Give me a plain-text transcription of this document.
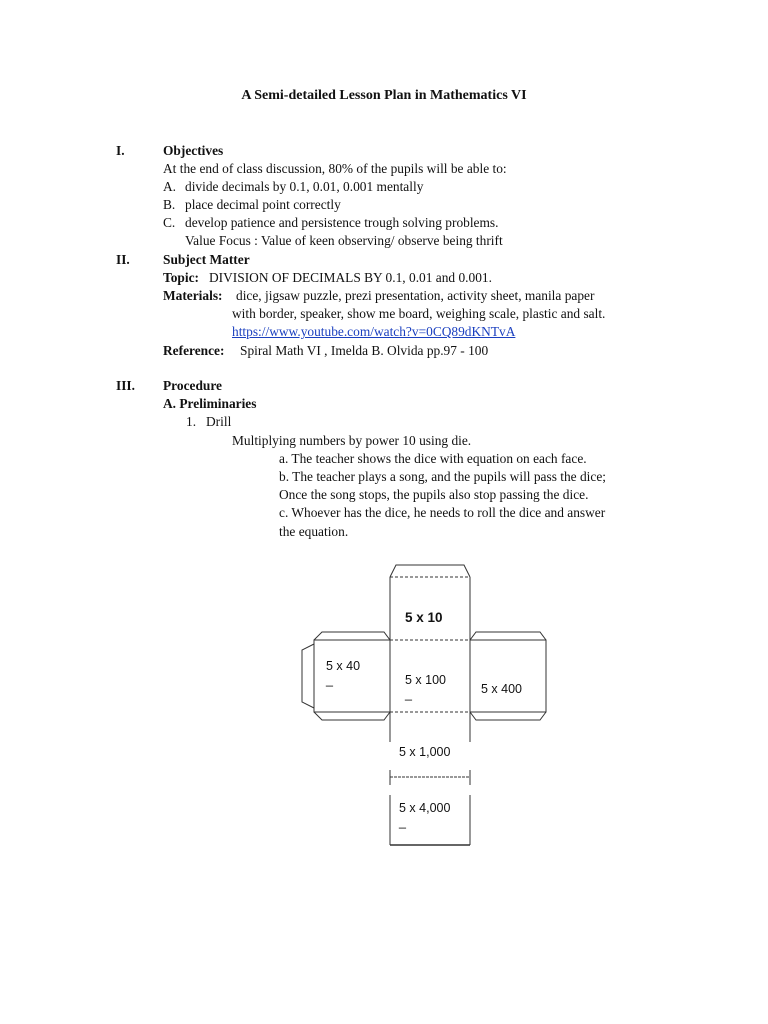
A Semi-detailed Lesson Plan in Mathematics VI
I.	Objectives
At the end of class discussion, 80% of the pupils will be able to:
A. divide decimals by 0.1, 0.01, 0.001 mentally
B. place decimal point correctly
C. develop patience and persistence trough solving problems.
Value Focus : Value of keen observing/ observe being thrift
II. Subject Matter
Topic: DIVISION OF DECIMALS BY 0.1, 0.01 and 0.001.
Materials: dice, jigsaw puzzle, prezi presentation, activity sheet, manila paper
with border, speaker, show me board, weighing scale, plastic and salt.
https://www.youtube.com/watch?v=0CQ89dKNTvA
Reference: Spiral Math VI , Imelda B. Olvida pp.97 - 100
III. Procedure
A. Preliminaries
1. Drill
Multiplying numbers by power 10 using die.
a. The teacher shows the dice with equation on each face.
b. The teacher plays a song, and the pupils will pass the dice;
Once the song stops, the pupils also stop passing the dice.
c. Whoever has the dice, he needs to roll the dice and answer
the equation.
5 x 10
5 x 40
_	5 x 100
_	5 x 400
5 x 1,000
5 x 4,000
_
